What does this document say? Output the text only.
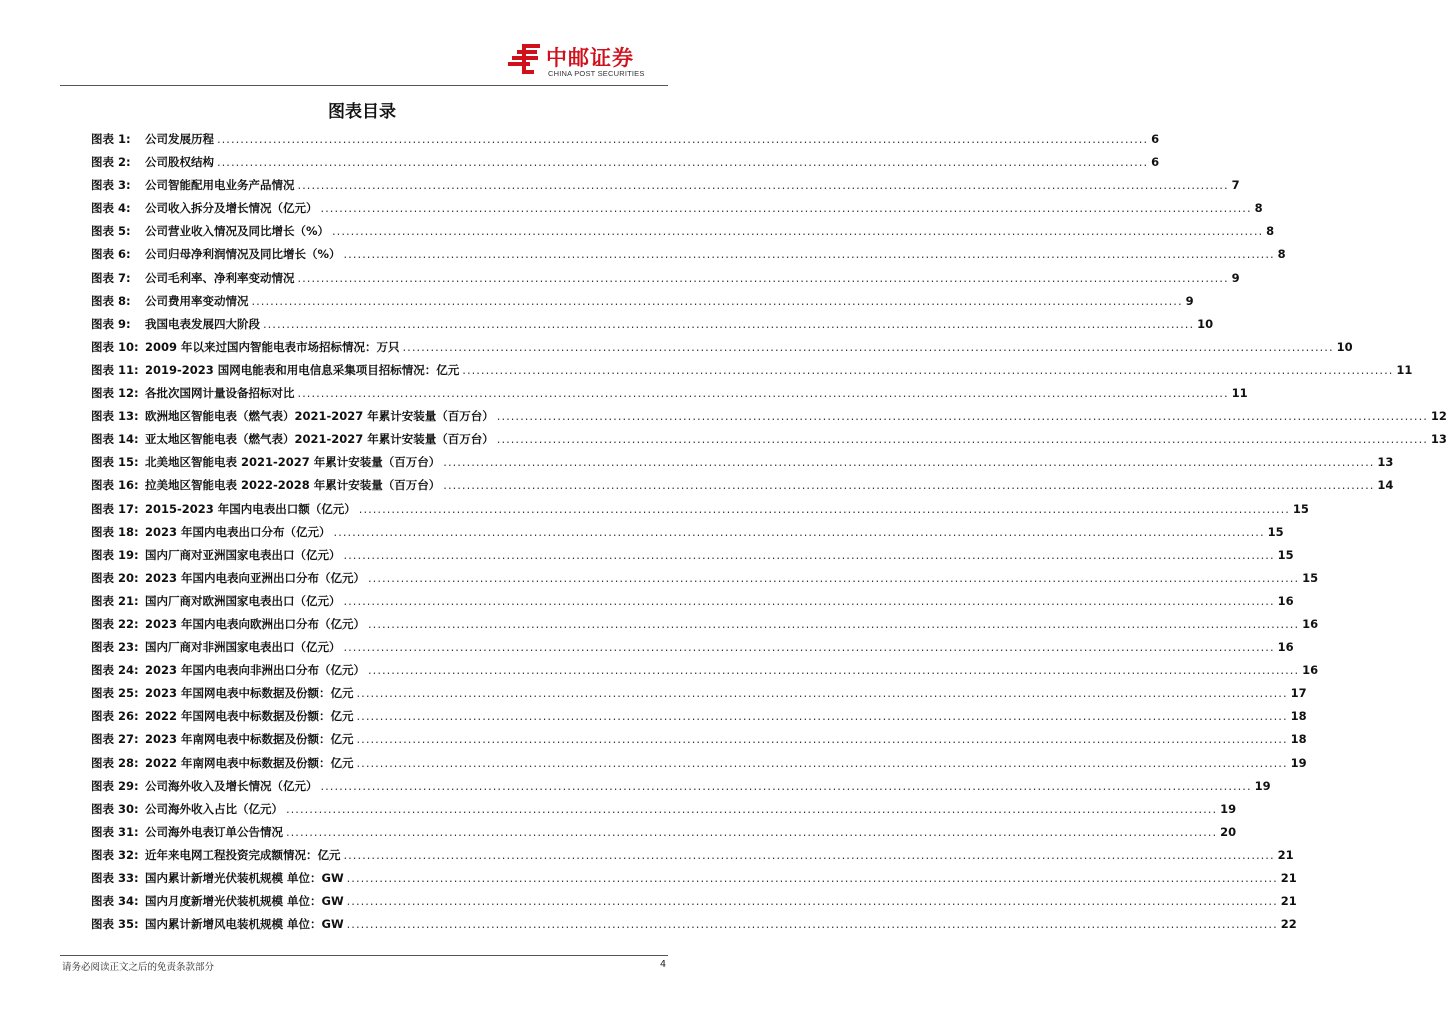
中邮证券
CHINA POST SECURITIES
图表目录
图表 1:	公司发展历程 ........................................................................................................................................................................................................ 6
图表 2:	公司股权结构 ........................................................................................................................................................................................................ 6
图表 3:	公司智能配用电业务产品情况 ........................................................................................................................................................................................................ 7
图表 4:	公司收入拆分及增长情况（亿元） ........................................................................................................................................................................................................ 8
图表 5:	公司营业收入情况及同比增长（%） ........................................................................................................................................................................................................ 8
图表 6:	公司归母净利润情况及同比增长（%） ........................................................................................................................................................................................................ 8
图表 7:	公司毛利率、净利率变动情况 ........................................................................................................................................................................................................ 9
图表 8:	公司费用率变动情况 ........................................................................................................................................................................................................ 9
图表 9:	我国电表发展四大阶段 ........................................................................................................................................................................................................ 10
图表 10: 2009 年以来过国内智能电表市场招标情况：万只 ........................................................................................................................................................................................................ 10
图表 11: 2019-2023 国网电能表和用电信息采集项目招标情况：亿元 ........................................................................................................................................................................................................ 11
图表 12: 各批次国网计量设备招标对比 ........................................................................................................................................................................................................ 11
图表 13: 欧洲地区智能电表（燃气表）2021-2027 年累计安装量（百万台） ........................................................................................................................................................................................................ 12
图表 14: 亚太地区智能电表（燃气表）2021-2027 年累计安装量（百万台） ........................................................................................................................................................................................................ 13
图表 15: 北美地区智能电表 2021-2027 年累计安装量（百万台） ........................................................................................................................................................................................................ 13
图表 16: 拉美地区智能电表 2022-2028 年累计安装量（百万台） ........................................................................................................................................................................................................ 14
图表 17: 2015-2023 年国内电表出口额（亿元） ........................................................................................................................................................................................................ 15
图表 18: 2023 年国内电表出口分布（亿元） ........................................................................................................................................................................................................ 15
图表 19: 国内厂商对亚洲国家电表出口（亿元） ........................................................................................................................................................................................................ 15
图表 20: 2023 年国内电表向亚洲出口分布（亿元） ........................................................................................................................................................................................................ 15
图表 21: 国内厂商对欧洲国家电表出口（亿元） ........................................................................................................................................................................................................ 16
图表 22: 2023 年国内电表向欧洲出口分布（亿元） ........................................................................................................................................................................................................ 16
图表 23: 国内厂商对非洲国家电表出口（亿元） ........................................................................................................................................................................................................ 16
图表 24: 2023 年国内电表向非洲出口分布（亿元） ........................................................................................................................................................................................................ 16
图表 25: 2023 年国网电表中标数据及份额：亿元 ........................................................................................................................................................................................................ 17
图表 26: 2022 年国网电表中标数据及份额：亿元 ........................................................................................................................................................................................................ 18
图表 27: 2023 年南网电表中标数据及份额：亿元 ........................................................................................................................................................................................................ 18
图表 28: 2022 年南网电表中标数据及份额：亿元 ........................................................................................................................................................................................................ 19
图表 29: 公司海外收入及增长情况（亿元） ........................................................................................................................................................................................................ 19
图表 30: 公司海外收入占比（亿元） ........................................................................................................................................................................................................ 19
图表 31: 公司海外电表订单公告情况 ........................................................................................................................................................................................................ 20
图表 32: 近年来电网工程投资完成额情况：亿元 ........................................................................................................................................................................................................ 21
图表 33: 国内累计新增光伏装机规模 单位：GW ........................................................................................................................................................................................................ 21
图表 34: 国内月度新增光伏装机规模 单位：GW ........................................................................................................................................................................................................ 21
图表 35: 国内累计新增风电装机规模 单位：GW ........................................................................................................................................................................................................ 22
请务必阅读正文之后的免责条款部分	4
